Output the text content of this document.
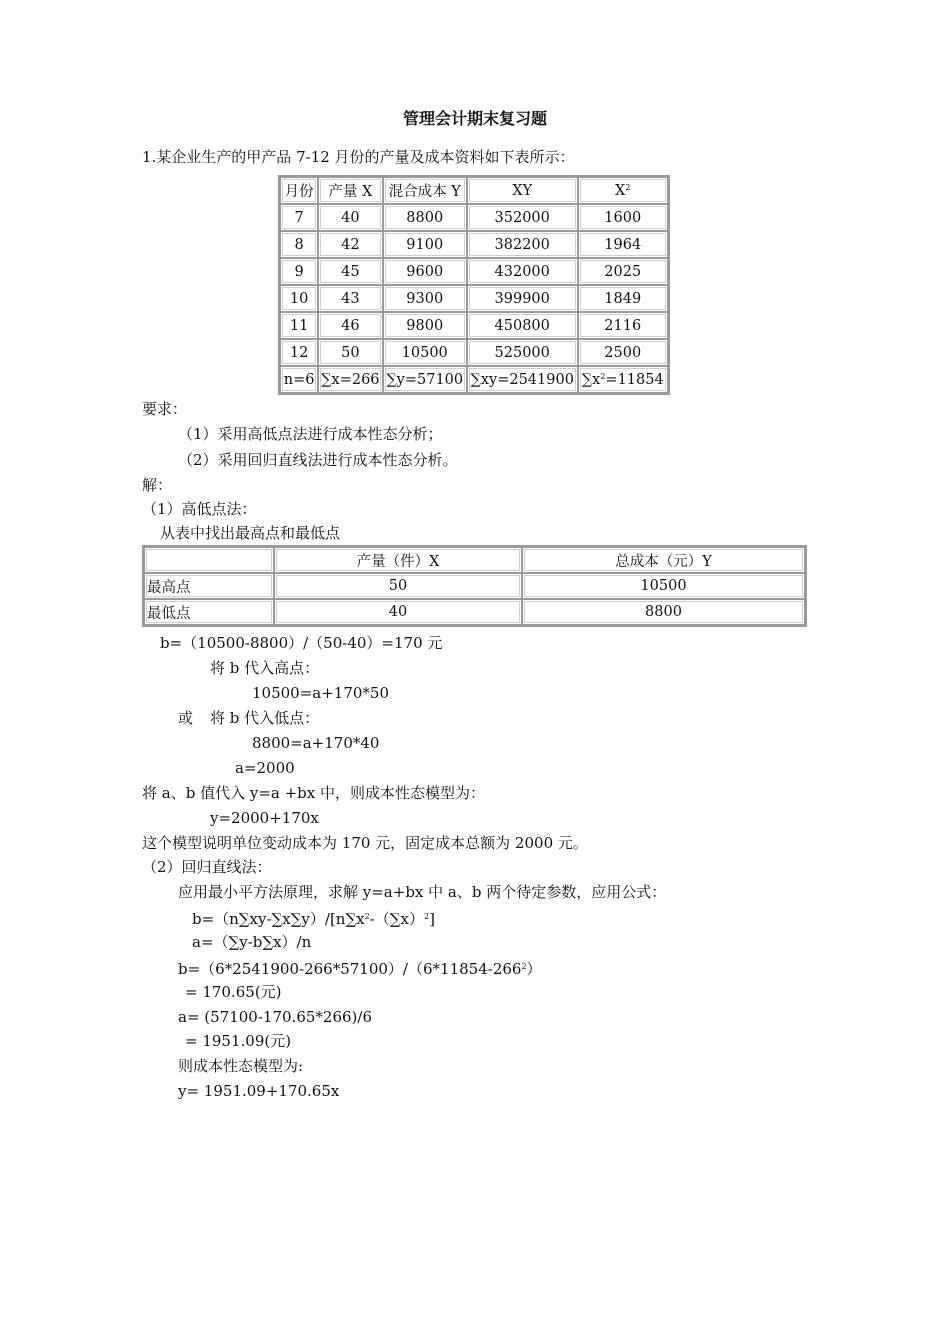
管理会计期末复习题
1.某企业生产的甲产品 7-12 月份的产量及成本资料如下表所示：
月份	产量 X	混合成本 Y	XY	$X^2$
7	40	8800	352000	1600
8	42	9100	382200	1964
9	45	9600	432000	2025
10	43	9300	399900	1849
11	46	9800	450800	2116
12	50	10500	525000	2500
n=6	∑x=266	∑y=57100	∑xy=2541900	$\sum x^2=11854$
要求：
（1）采用高低点法进行成本性态分析；
（2）采用回归直线法进行成本性态分析。
解：
（1）高低点法：
从表中找出最高点和最低点
	产量（件）X	总成本（元）Y
最高点	50	10500
最低点	40	8800
b=（10500-8800）/（50-40）=170 元
将 b 代入高点：
10500=a+170*50
或 将 b 代入低点：
8800=a+170*40
a=2000
将 a、b 值代入 y=a +bx 中，则成本性态模型为：
y=2000+170x
这个模型说明单位变动成本为 170 元，固定成本总额为 2000 元。
（2）回归直线法：
应用最小平方法原理，求解 y=a+bx 中 a、b 两个待定参数，应用公式：
$b=(n\sum xy-\sum x\sum y)/[n\sum x^2-(\sum x)^2]$
a=（∑y-b∑x）/n
$b=(6*2541900-266*57100)/(6*11854-266^2)$
= 170.65(元)
a= (57100-170.65*266)/6
= 1951.09(元)
则成本性态模型为:
y= 1951.09+170.65x
